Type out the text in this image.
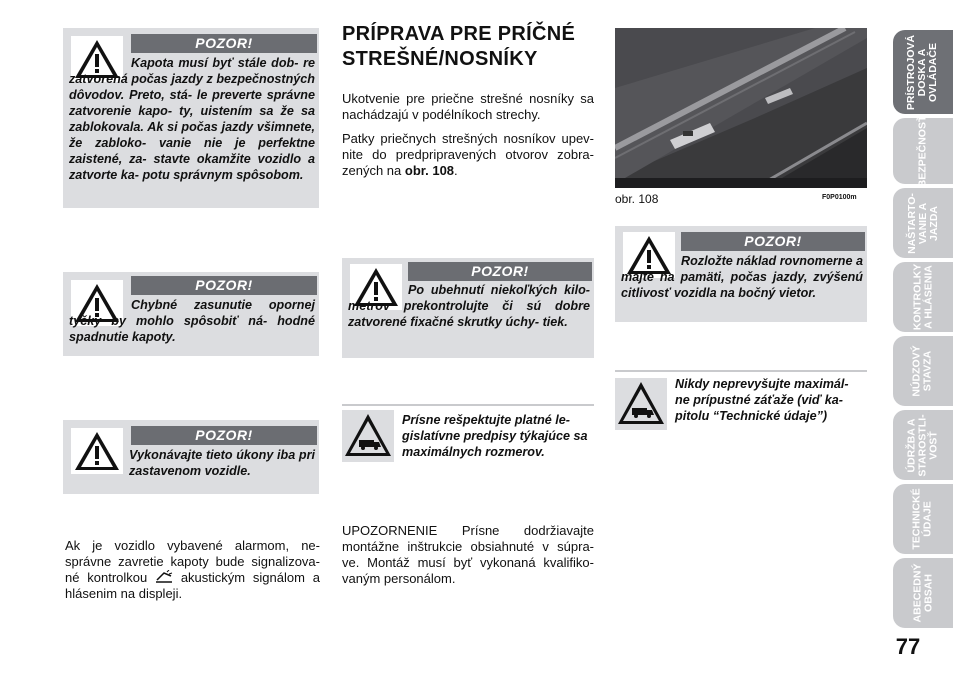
POZOR!

Kapota musí byť stále dob- re zatvorená počas jazdy z bezpečnostných dôvodov. Preto, stá- le preverte správne zatvorenie kapo- ty, uistením sa že sa zablokovala. Ak si počas jazdy všimnete, že zabloko- vanie nie je perfektne zaistené, za- stavte okamžite vozidlo a zatvorte ka- potu správnym spôsobom.

POZOR!

Chybné zasunutie opornej tyčky by mohlo spôsobiť ná- hodné spadnutie kapoty.

POZOR!

Vykonávajte tieto úkony iba pri zastavenom vozidle.

Ak je vozidlo vybavené alarmom, ne- správne zavretie kapoty bude signalizova- né kontrolkou	akustickým signálom a hlásenim na displeji.

PRÍPRAVA PRE PRÍČNÉ

STREŠNÉ/NOSNÍKY

Ukotvenie pre priečne strešné nosníky sa nachádzajú v podélníkoch strechy.

Patky priečnych strešných nosníkov upev- nite do predpripravených otvorov zobra- zených na obr. 108.

POZOR!

Po ubehnutí niekoľkých kilo- metrov prekontrolujte či sú dobre zatvorené fixačné skrutky úchy- tiek.

Prísne rešpektujte platné le- gislatívne predpisy týkajúce sa maximálnych rozmerov.

UPOZORNENIE Prísne dodržiavajte montážne inštrukcie obsiahnuté v súpra- ve. Montáž musí byť vykonaná kvalifiko- vaným personálom.

obr. 108	F0P0100m
POZOR!

Rozložte náklad rovnomerne a majte na pamäti, počas jazdy, zvýšenú citlivosť vozidla na bočný vietor.

Nikdy neprevyšujte maximál- ne prípustné záťaže (viď ka- pitolu “Technické údaje”)

PRÍSTROJOVÁ
DOSKA A
OVLÁDAČE
BEZPEČNOSŤ
NAŠTARTO-
VANIE A
JAZDA
KONTROLKY
A HLÁSENIA
NÚDZOVÝ
STAVZA
ÚDRŽBA A
STAROSTLI-
VOSŤ
TECHNICKÉ
ÚDAJE
ABECEDNÝ
OBSAH
77
